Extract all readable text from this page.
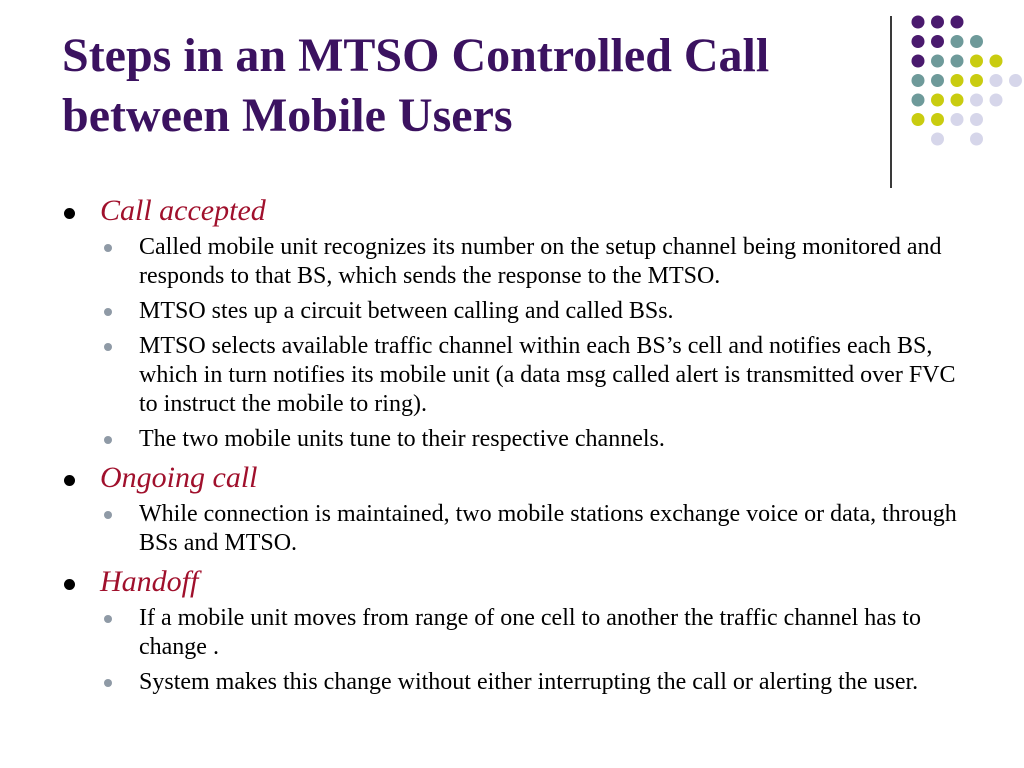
Steps in an MTSO Controlled Call
between Mobile Users
Call accepted
Called mobile unit recognizes its number on the setup channel being monitored and responds to that BS, which sends the response to the MTSO.
MTSO stes up a circuit between calling and called BSs.
MTSO selects available traffic channel within each BS’s cell and notifies each BS, which in turn notifies its mobile unit (a data msg called alert is transmitted over FVC to instruct the mobile to ring).
The two mobile units tune to their respective channels.
Ongoing call
While connection is maintained, two mobile stations exchange voice or data, through BSs and MTSO.
Handoff
If a mobile unit moves from range of one cell to another the traffic channel has to change .
System makes this change without either interrupting the call or alerting the user.
